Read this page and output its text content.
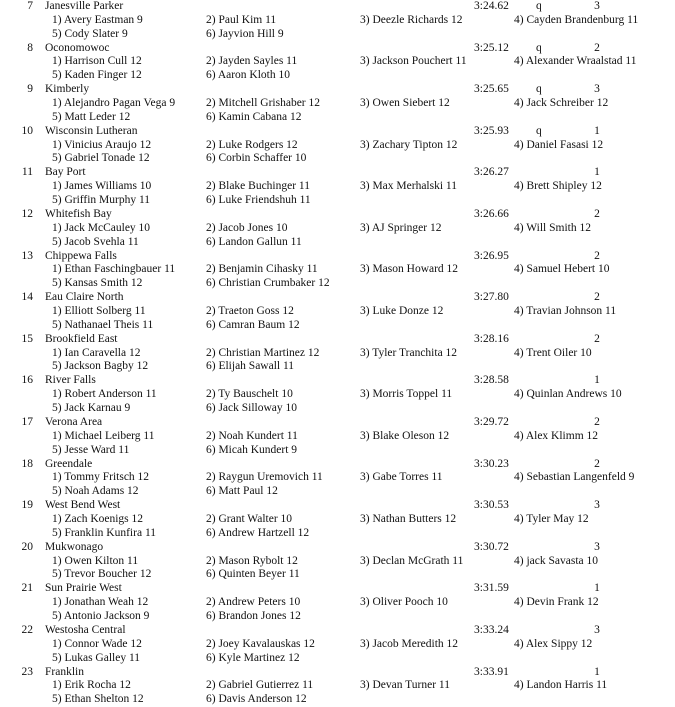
7 Janesville Parker	3:24.62 q	3
1) Avery Eastman 9	2) Paul Kim 11	3) Deezle Richards 12	4) Cayden Brandenburg 11
5) Cody Slater 9	6) Jayvion Hill 9
8 Oconomowoc	3:25.12 q	2
1) Harrison Cull 12	2) Jayden Sayles 11	3) Jackson Pouchert 11	4) Alexander Wraalstad 11
5) Kaden Finger 12	6) Aaron Kloth 10
9 Kimberly	3:25.65 q	3
1) Alejandro Pagan Vega 9	2) Mitchell Grishaber 12	3) Owen Siebert 12	4) Jack Schreiber 12
5) Matt Leder 12	6) Kamin Cabana 12
10 Wisconsin Lutheran	3:25.93 q	1
1) Vinicius Araujo 12	2) Luke Rodgers 12	3) Zachary Tipton 12	4) Daniel Fasasi 12
5) Gabriel Tonade 12	6) Corbin Schaffer 10
11 Bay Port	3:26.27	1
1) James Williams 10	2) Blake Buchinger 11	3) Max Merhalski 11	4) Brett Shipley 12
5) Griffin Murphy 11	6) Luke Friendshuh 11
12 Whitefish Bay	3:26.66	2
1) Jack McCauley 10	2) Jacob Jones 10	3) AJ Springer 12	4) Will Smith 12
5) Jacob Svehla 11	6) Landon Gallun 11
13 Chippewa Falls	3:26.95	2
1) Ethan Faschingbauer 11	2) Benjamin Cihasky 11	3) Mason Howard 12	4) Samuel Hebert 10
5) Kansas Smith 12	6) Christian Crumbaker 12
14 Eau Claire North	3:27.80	2
1) Elliott Solberg 11	2) Traeton Goss 12	3) Luke Donze 12	4) Travian Johnson 11
5) Nathanael Theis 11	6) Camran Baum 12
15 Brookfield East	3:28.16	2
1) Ian Caravella 12	2) Christian Martinez 12	3) Tyler Tranchita 12	4) Trent Oiler 10
5) Jackson Bagby 12	6) Elijah Sawall 11
16 River Falls	3:28.58	1
1) Robert Anderson 11	2) Ty Bauschelt 10	3) Morris Toppel 11	4) Quinlan Andrews 10
5) Jack Karnau 9	6) Jack Silloway 10
17 Verona Area	3:29.72	2
1) Michael Leiberg 11	2) Noah Kundert 11	3) Blake Oleson 12	4) Alex Klimm 12
5) Jesse Ward 11	6) Micah Kundert 9
18 Greendale	3:30.23	2
1) Tommy Fritsch 12	2) Raygun Uremovich 11	3) Gabe Torres 11	4) Sebastian Langenfeld 9
5) Noah Adams 12	6) Matt Paul 12
19 West Bend West	3:30.53	3
1) Zach Koenigs 12	2) Grant Walter 10	3) Nathan Butters 12	4) Tyler May 12
5) Franklin Kunfira 11	6) Andrew Hartzell 12
20 Mukwonago	3:30.72	3
1) Owen Kilton 11	2) Mason Rybolt 12	3) Declan McGrath 11	4) jack Savasta 10
5) Trevor Boucher 12	6) Quinten Beyer 11
21 Sun Prairie West	3:31.59	1
1) Jonathan Weah 12	2) Andrew Peters 10	3) Oliver Pooch 10	4) Devin Frank 12
5) Antonio Jackson 9	6) Brandon Jones 12
22 Westosha Central	3:33.24	3
1) Connor Wade 12	2) Joey Kavalauskas 12	3) Jacob Meredith 12	4) Alex Sippy 12
5) Lukas Galley 11	6) Kyle Martinez 12
23 Franklin	3:33.91	1
1) Erik Rocha 12	2) Gabriel Gutierrez 11	3) Devan Turner 11	4) Landon Harris 11
5) Ethan Shelton 12	6) Davis Anderson 12
